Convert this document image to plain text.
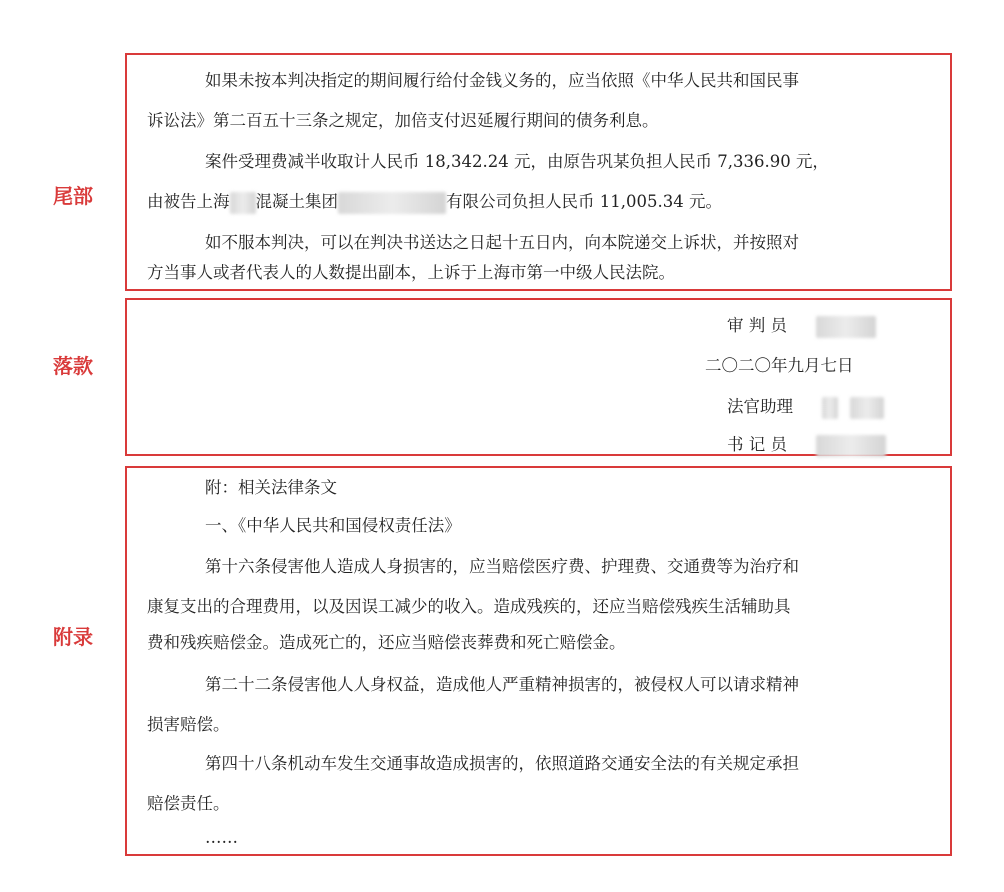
尾部
落款
附录
如果未按本判决指定的期间履行给付金钱义务的，应当依照《中华人民共和国民事
诉讼法》第二百五十三条之规定，加倍支付迟延履行期间的债务利息。
案件受理费减半收取计人民币 18,342.24 元，由原告巩某负担人民币 7,336.90 元，
由被告上海 混凝土集团	有限公司负担人民币 11,005.34 元。
如不服本判决，可以在判决书送达之日起十五日内，向本院递交上诉状，并按照对
方当事人或者代表人的人数提出副本，上诉于上海市第一中级人民法院。
审 判 员
二〇二〇年九月七日
法官助理
书 记 员
附：相关法律条文
一、《中华人民共和国侵权责任法》
第十六条侵害他人造成人身损害的，应当赔偿医疗费、护理费、交通费等为治疗和
康复支出的合理费用，以及因误工减少的收入。造成残疾的，还应当赔偿残疾生活辅助具
费和残疾赔偿金。造成死亡的，还应当赔偿丧葬费和死亡赔偿金。
第二十二条侵害他人人身权益，造成他人严重精神损害的，被侵权人可以请求精神
损害赔偿。
第四十八条机动车发生交通事故造成损害的，依照道路交通安全法的有关规定承担
赔偿责任。
……
